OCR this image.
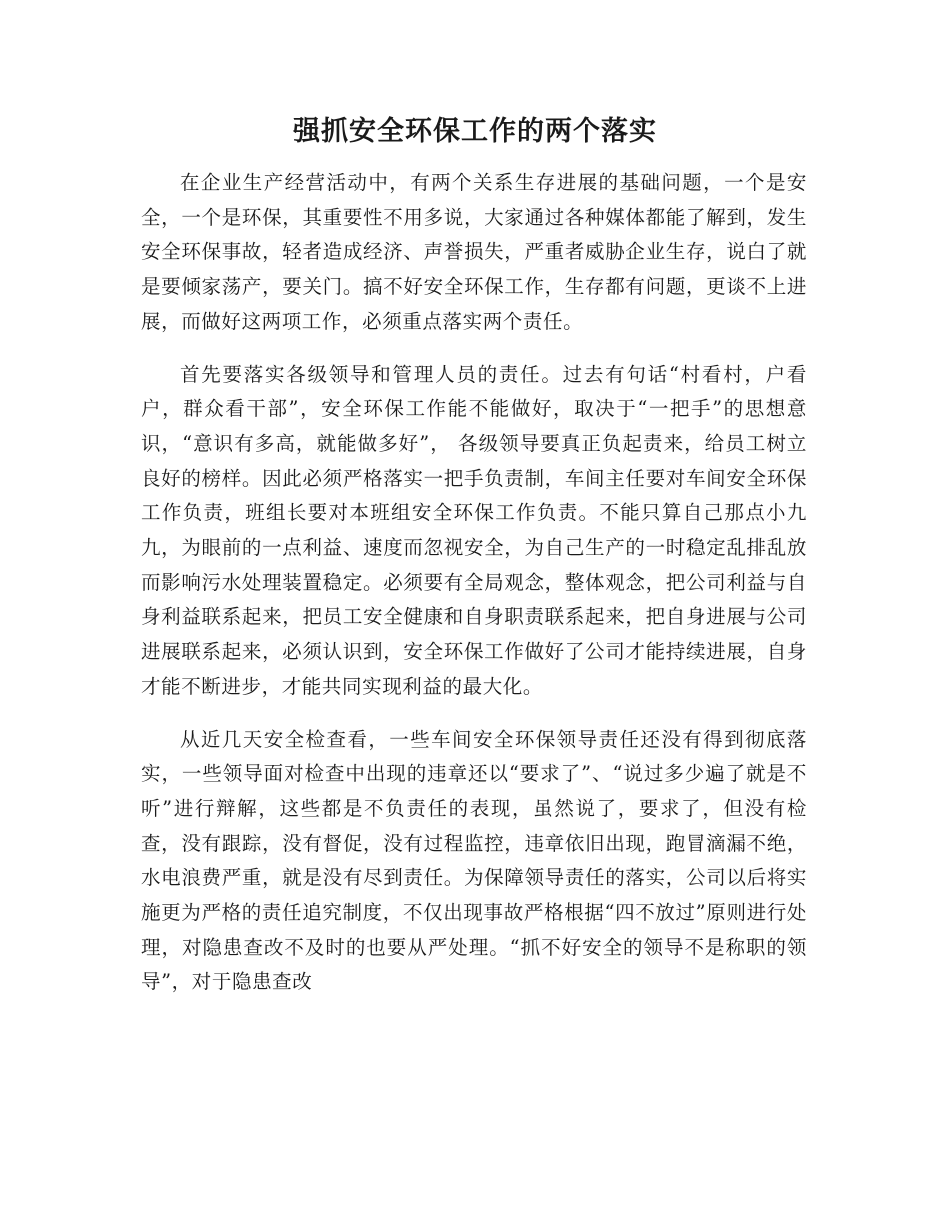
强抓安全环保工作的两个落实

在企业生产经营活动中，有两个关系生存进展的基础问题，一个是安全，一个是环保，其重要性不用多说，大家通过各种媒体都能了解到，发生安全环保事故，轻者造成经济、声誉损失，严重者威胁企业生存，说白了就是要倾家荡产，要关门。搞不好安全环保工作，生存都有问题，更谈不上进展，而做好这两项工作，必须重点落实两个责任。

首先要落实各级领导和管理人员的责任。过去有句话“村看村，户看户，群众看干部”，安全环保工作能不能做好，取决于“一把手”的思想意识，“意识有多高，就能做多好”， 各级领导要真正负起责来，给员工树立良好的榜样。因此必须严格落实一把手负责制，车间主任要对车间安全环保工作负责，班组长要对本班组安全环保工作负责。不能只算自己那点小九九，为眼前的一点利益、速度而忽视安全，为自己生产的一时稳定乱排乱放而影响污水处理装置稳定。必须要有全局观念，整体观念，把公司利益与自身利益联系起来，把员工安全健康和自身职责联系起来，把自身进展与公司进展联系起来，必须认识到，安全环保工作做好了公司才能持续进展，自身才能不断进步，才能共同实现利益的最大化。

从近几天安全检查看，一些车间安全环保领导责任还没有得到彻底落实，一些领导面对检查中出现的违章还以“要求了”、“说过多少遍了就是不听”进行辩解，这些都是不负责任的表现，虽然说了，要求了，但没有检查，没有跟踪，没有督促，没有过程监控，违章依旧出现，跑冒滴漏不绝，水电浪费严重，就是没有尽到责任。为保障领导责任的落实，公司以后将实施更为严格的责任追究制度，不仅出现事故严格根据“四不放过”原则进行处理，对隐患查改不及时的也要从严处理。“抓不好安全的领导不是称职的领导”，对于隐患查改
